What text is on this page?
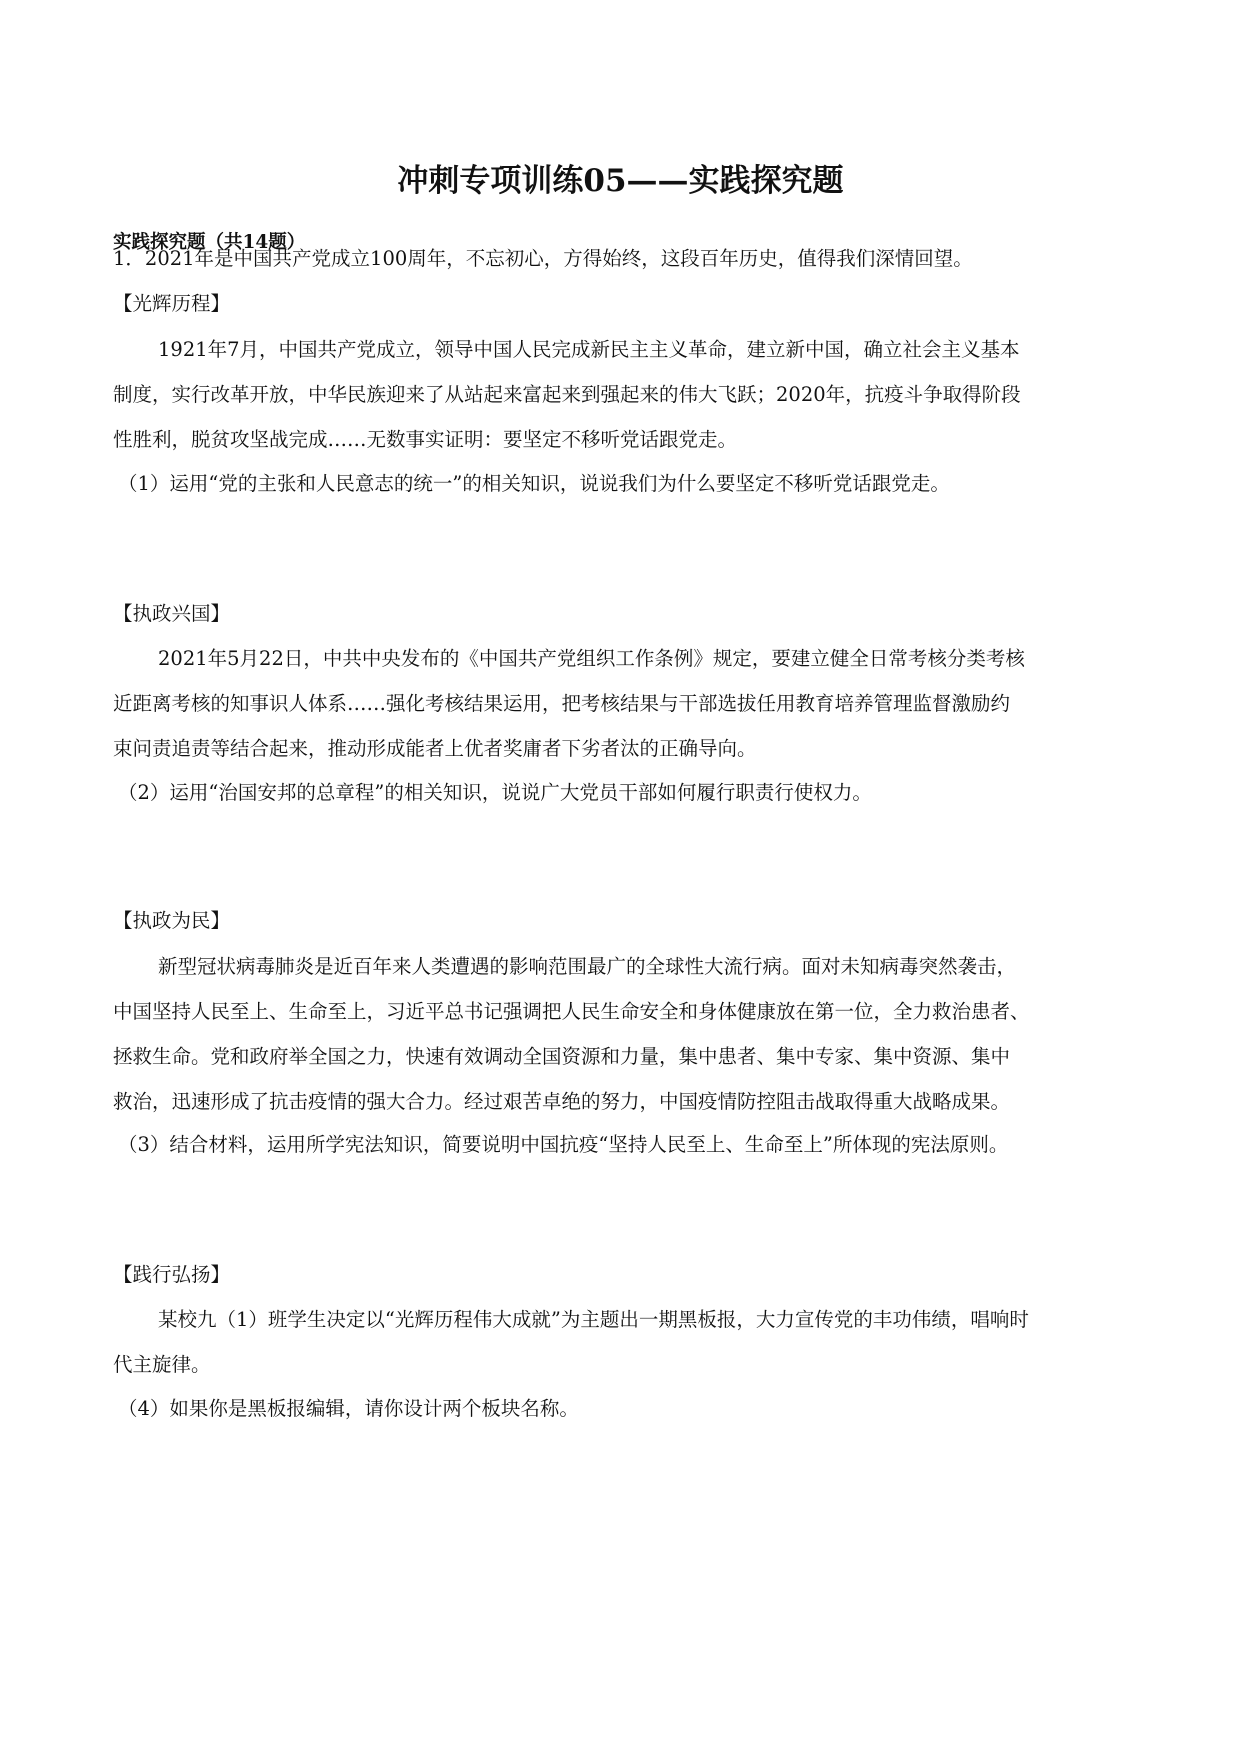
冲刺专项训练05——实践探究题
实践探究题（共14题）
1．2021年是中国共产党成立100周年，不忘初心，方得始终，这段百年历史，值得我们深情回望。
【光辉历程】
1921年7月，中国共产党成立，领导中国人民完成新民主主义革命，建立新中国，确立社会主义基本
制度，实行改革开放，中华民族迎来了从站起来富起来到强起来的伟大飞跃；2020年，抗疫斗争取得阶段
性胜利，脱贫攻坚战完成……无数事实证明：要坚定不移听党话跟党走。
（1）运用“党的主张和人民意志的统一”的相关知识，说说我们为什么要坚定不移听党话跟党走。
【执政兴国】
2021年5月22日，中共中央发布的《中国共产党组织工作条例》规定，要建立健全日常考核分类考核
近距离考核的知事识人体系……强化考核结果运用，把考核结果与干部选拔任用教育培养管理监督激励约
束问责追责等结合起来，推动形成能者上优者奖庸者下劣者汰的正确导向。
（2）运用“治国安邦的总章程”的相关知识，说说广大党员干部如何履行职责行使权力。
【执政为民】
新型冠状病毒肺炎是近百年来人类遭遇的影响范围最广的全球性大流行病。面对未知病毒突然袭击，
中国坚持人民至上、生命至上，习近平总书记强调把人民生命安全和身体健康放在第一位，全力救治患者、
拯救生命。党和政府举全国之力，快速有效调动全国资源和力量，集中患者、集中专家、集中资源、集中
救治，迅速形成了抗击疫情的强大合力。经过艰苦卓绝的努力，中国疫情防控阻击战取得重大战略成果。
（3）结合材料，运用所学宪法知识，简要说明中国抗疫“坚持人民至上、生命至上”所体现的宪法原则。
【践行弘扬】
某校九（1）班学生决定以“光辉历程伟大成就”为主题出一期黑板报，大力宣传党的丰功伟绩，唱响时
代主旋律。
（4）如果你是黑板报编辑，请你设计两个板块名称。
